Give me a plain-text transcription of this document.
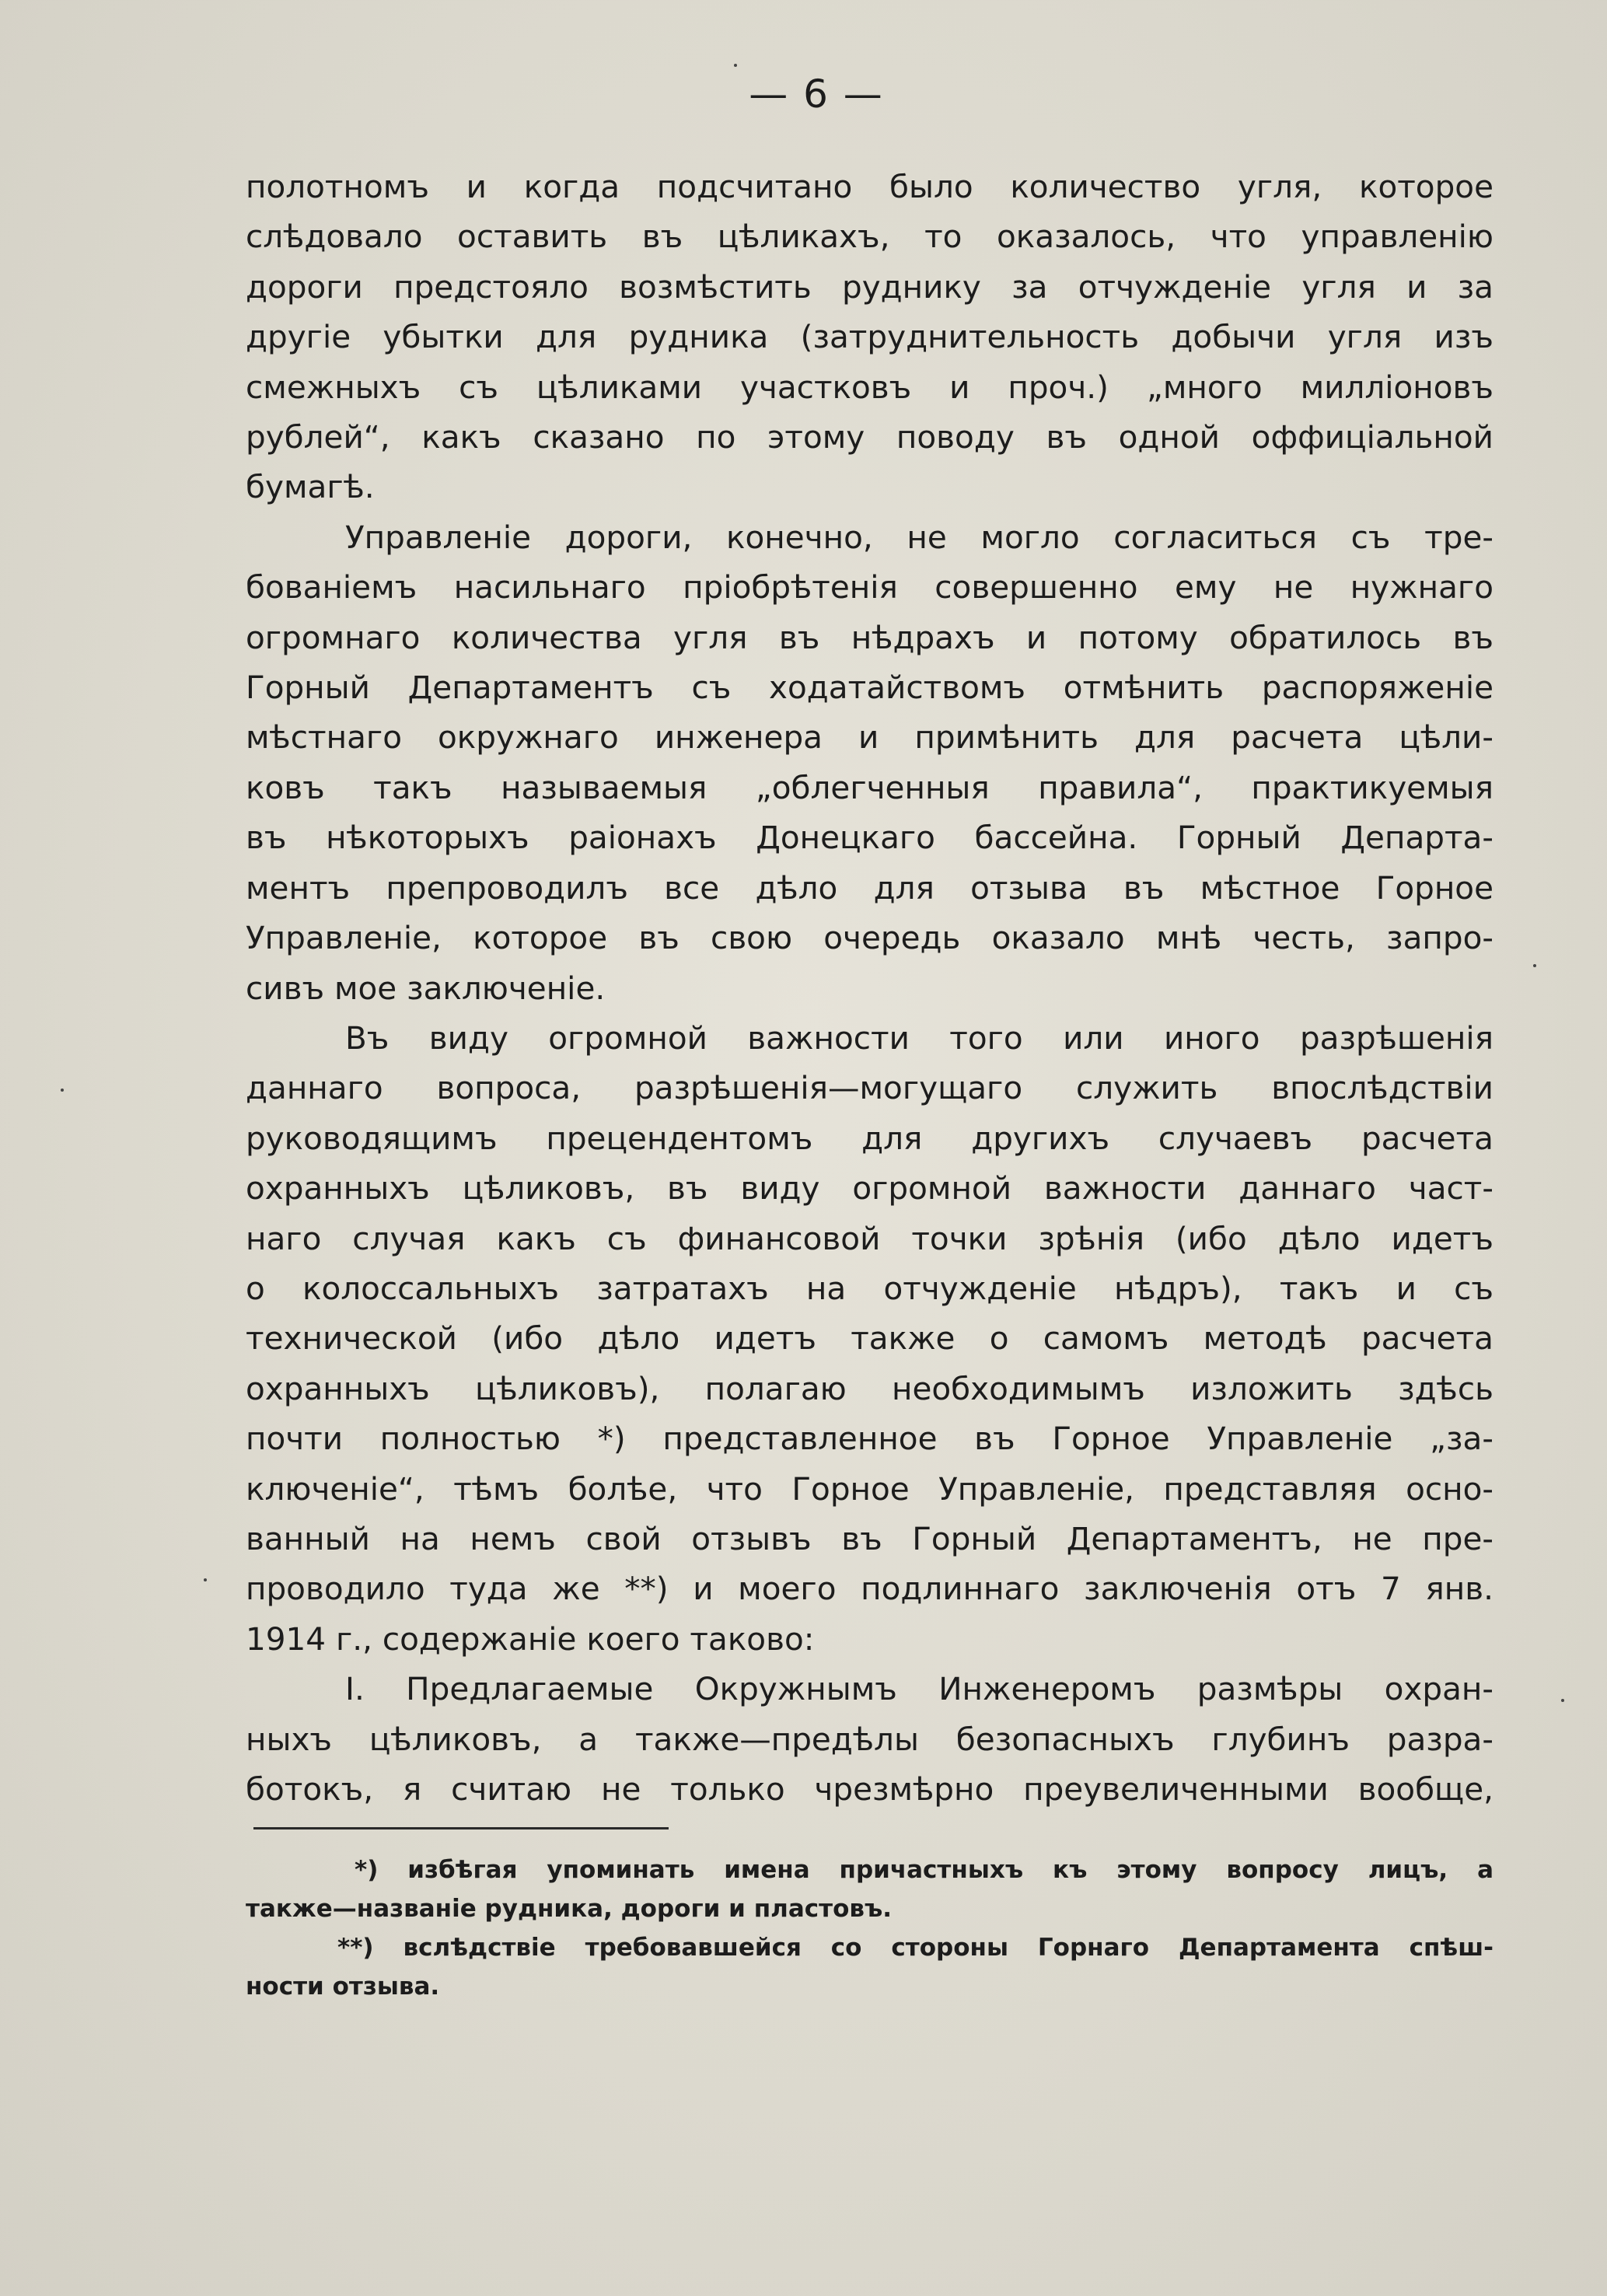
— 6 —

полотномъ и когда подсчитано было количество угля, которое
слѣдовало оставить въ цѣликахъ, то оказалось, что управленію
дороги предстояло возмѣстить руднику за отчужденіе угля и за
другіе убытки для рудника (затруднительность добычи угля изъ
смежныхъ съ цѣликами участковъ и проч.) „много милліоновъ
рублей“, какъ сказано по этому поводу въ одной оффиціальной
бумагѣ.

Управленіе дороги, конечно, не могло согласиться съ тре-
бованіемъ насильнаго пріобрѣтенія совершенно ему не нужнаго
огромнаго количества угля въ нѣдрахъ и потому обратилось въ
Горный Департаментъ съ ходатайствомъ отмѣнить распоряженіе
мѣстнаго окружнаго инженера и примѣнить для расчета цѣли-
ковъ такъ называемыя „облегченныя правила“, практикуемыя
въ нѣкоторыхъ раіонахъ Донецкаго бассейна. Горный Департа-
ментъ препроводилъ все дѣло для отзыва въ мѣстное Горное
Управленіе, которое въ свою очередь оказало мнѣ честь, запро-
сивъ мое заключеніе.

Въ виду огромной важности того или иного разрѣшенія
даннаго вопроса, разрѣшенія—могущаго служить впослѣдствіи
руководящимъ прецендентомъ для другихъ случаевъ расчета
охранныхъ цѣликовъ, въ виду огромной важности даннаго част-
наго случая какъ съ финансовой точки зрѣнія (ибо дѣло идетъ
о колоссальныхъ затратахъ на отчужденіе нѣдръ), такъ и съ
технической (ибо дѣло идетъ также о самомъ методѣ расчета
охранныхъ цѣликовъ), полагаю необходимымъ изложить здѣсь
почти полностью *) представленное въ Горное Управленіе „за-
ключеніе“, тѣмъ болѣе, что Горное Управленіе, представляя осно-
ванный на немъ свой отзывъ въ Горный Департаментъ, не пре-
проводило туда же **) и моего подлиннаго заключенія отъ 7 янв.
1914 г., содержаніе коего таково:

I. Предлагаемые Окружнымъ Инженеромъ размѣры охран-
ныхъ цѣликовъ, а также—предѣлы безопасныхъ глубинъ разра-
ботокъ, я считаю не только чрезмѣрно преувеличенными вообще,

*) избѣгая упоминать имена причастныхъ къ этому вопросу лицъ, а
также—названіе рудника, дороги и пластовъ.
**) вслѣдствіе требовавшейся со стороны Горнаго Департамента спѣш-
ности отзыва.
